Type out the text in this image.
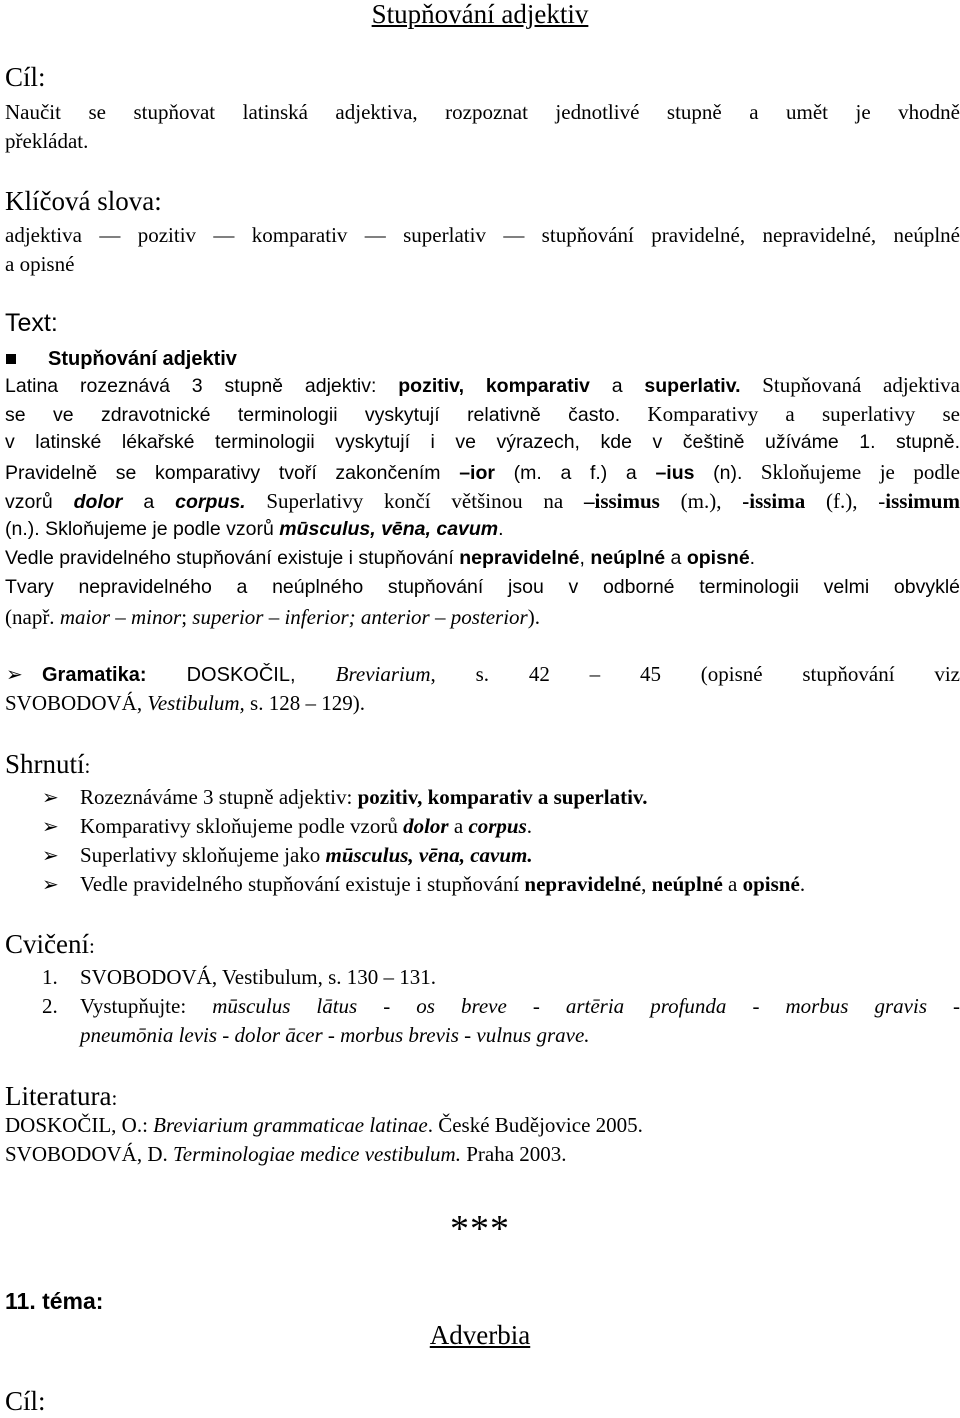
Stupňování adjektiv
Cíl:
Naučit se stupňovat latinská adjektiva, rozpoznat jednotlivé stupně a umět je vhodně
překládat.
Klíčová slova:
adjektiva — pozitiv — komparativ — superlativ — stupňování pravidelné, nepravidelné, neúplné
a opisné
Text:
Stupňování adjektiv
Latina rozeznává 3 stupně adjektiv: pozitiv, komparativ a superlativ. Stupňovaná adjektiva
se ve zdravotnické terminologii vyskytují relativně často. Komparativy a superlativy se
v latinské lékařské terminologii vyskytují i ve výrazech, kde v češtině užíváme 1. stupně.
Pravidelně se komparativy tvoří zakončením –ior (m. a f.) a –ius (n). Skloňujeme je podle
vzorů dolor a corpus. Superlativy končí většinou na –issimus (m.), -issima (f.), -issimum
(n.). Skloňujeme je podle vzorů mūsculus, vēna, cavum.
Vedle pravidelného stupňování existuje i stupňování nepravidelné, neúplné a opisné.
Tvary nepravidelného a neúplného stupňování jsou v odborné terminologii velmi obvyklé
(např. maior – minor; superior – inferior; anterior – posterior).
➢ Gramatika: DOSKOČIL, Breviarium, s. 42 – 45 (opisné stupňování viz
SVOBODOVÁ, Vestibulum, s. 128 – 129).
Shrnutí:
➢ Rozeznáváme 3 stupně adjektiv: pozitiv, komparativ a superlativ.
➢ Komparativy skloňujeme podle vzorů dolor a corpus.
➢ Superlativy skloňujeme jako mūsculus, vēna, cavum.
➢ Vedle pravidelného stupňování existuje i stupňování nepravidelné, neúplné a opisné.
Cvičení:
1. SVOBODOVÁ, Vestibulum, s. 130 – 131.
2. Vystupňujte: mūsculus lātus - os breve - artēria profunda - morbus gravis -
pneumōnia levis - dolor ācer - morbus brevis - vulnus grave.
Literatura:
DOSKOČIL, O.: Breviarium grammaticae latinae. České Budějovice 2005.
SVOBODOVÁ, D. Terminologiae medice vestibulum. Praha 2003.
***
11. téma:
Adverbia
Cíl:
